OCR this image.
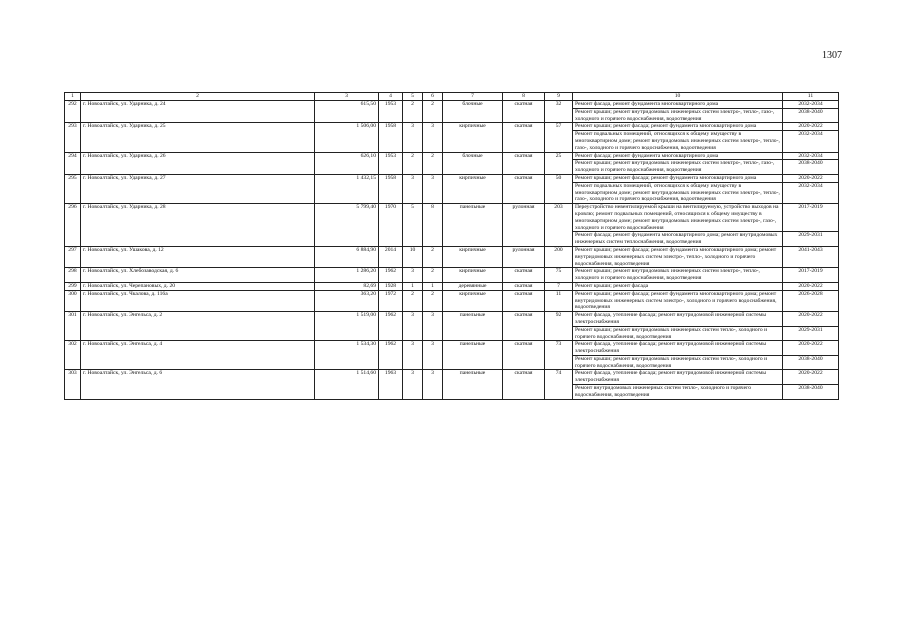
1307
1	2	3	4	5	6	7	8	9	10	11
292	г. Новоалтайск, ул. Ударника, д. 24	615,50	1953	2	2	блочные	скатная	32	Ремонт фасада, ремонт фундамента многоквартирного дома	2032-2034
									Ремонт крыши; ремонт внутридомовых инженерных систем электро-, тепло-, газо-, холодного и горячего водоснабжения, водоотведения	2038-2040
293	г. Новоалтайск, ул. Ударника, д. 25	1 506,00	1958	3	3	кирпичные	скатная	57	Ремонт крыши; ремонт фасада; ремонт фундамента многоквартирного дома	2020-2022
									Ремонт подвальных помещений, относящихся к общему имуществу в многоквартирном доме; ремонт внутридомовых инженерных систем электро-, тепло-, газо-, холодного и горячего водоснабжения, водоотведения	2032-2034
294	г. Новоалтайск, ул. Ударника, д. 26	626,10	1953	2	2	блочные	скатная	25	Ремонт фасада; ремонт фундамента многоквартирного дома	2032-2034
									Ремонт крыши; ремонт внутридомовых инженерных систем электро-, тепло-, газо-, холодного и горячего водоснабжения, водоотведения	2038-2040
295	г. Новоалтайск, ул. Ударника, д. 27	1 432,15	1958	3	3	кирпичные	скатная	50	Ремонт крыши; ремонт фасада; ремонт фундамента многоквартирного дома	2020-2022
									Ремонт подвальных помещений, относящихся к общему имуществу в многоквартирном доме; ремонт внутридомовых инженерных систем электро-, тепло-, газо-, холодного и горячего водоснабжения, водоотведения	2032-2034
296	г. Новоалтайск, ул. Ударника, д. 28	5 799,40	1970	5	8	панельные	рулонная	203	Переустройство невентилируемой крыши на вентилируемую, устройство выходов на кровлю; ремонт подвальных помещений, относящихся к общему имуществу в многоквартирном доме; ремонт внутридомовых инженерных систем электро-, газо-, холодного и горячего водоснабжения	2017-2019
									Ремонт фасада; ремонт фундамента многоквартирного дома; ремонт внутридомовых инженерных систем теплоснабжения, водоотведения	2029-2031
297	г. Новоалтайск, ул. Ушакова, д. 12	6 884,90	2014	10	2	кирпичные	рулонная	200	Ремонт крыши; ремонт фасада; ремонт фундамента многоквартирного дома; ремонт внутридомовых инженерных систем электро-, тепло-, холодного и горячего водоснабжения, водоотведения	2041-2043
298	г. Новоалтайск, ул. Хлебозаводская, д. 6	1 286,20	1962	3	2	кирпичные	скатная	75	Ремонт крыши; ремонт внутридомовых инженерных систем электро-, тепло-, холодного и горячего водоснабжения, водоотведения	2017-2019
299	г. Новоалтайск, ул. Черепановых, д. 20	82,69	1928	1	1	деревянные	скатная	7	Ремонт крыши; ремонт фасада	2020-2022
300	г. Новоалтайск, ул. Чкалова, д. 116а	363,20	1972	2	2	кирпичные	скатная	11	Ремонт крыши; ремонт фасада; ремонт фундамента многоквартирного дома; ремонт внутридомовых инженерных систем электро-, холодного и горячего водоснабжения, водоотведения	2026-2028
301	г. Новоалтайск, ул. Энгельса, д. 2	1 519,00	1962	3	3	панельные	скатная	92	Ремонт фасада, утепление фасада; ремонт внутридомовой инженерной системы электроснабжения	2020-2022
									Ремонт крыши; ремонт внутридомовых инженерных систем тепло-, холодного и горячего водоснабжения, водоотведения	2029-2031
302	г. Новоалтайск, ул. Энгельса, д. 4	1 534,30	1962	3	3	панельные	скатная	73	Ремонт фасада, утепление фасада; ремонт внутридомовой инженерной системы электроснабжения	2020-2022
									Ремонт крыши; ремонт внутридомовых инженерных систем тепло-, холодного и горячего водоснабжения, водоотведения	2038-2040
303	г. Новоалтайск, ул. Энгельса, д. 6	1 514,60	1963	3	3	панельные	скатная	74	Ремонт фасада, утепление фасада; ремонт внутридомовой инженерной системы электроснабжения	2020-2022
									Ремонт внутридомовых инженерных систем тепло-, холодного и горячего водоснабжения, водоотведения	2038-2040
